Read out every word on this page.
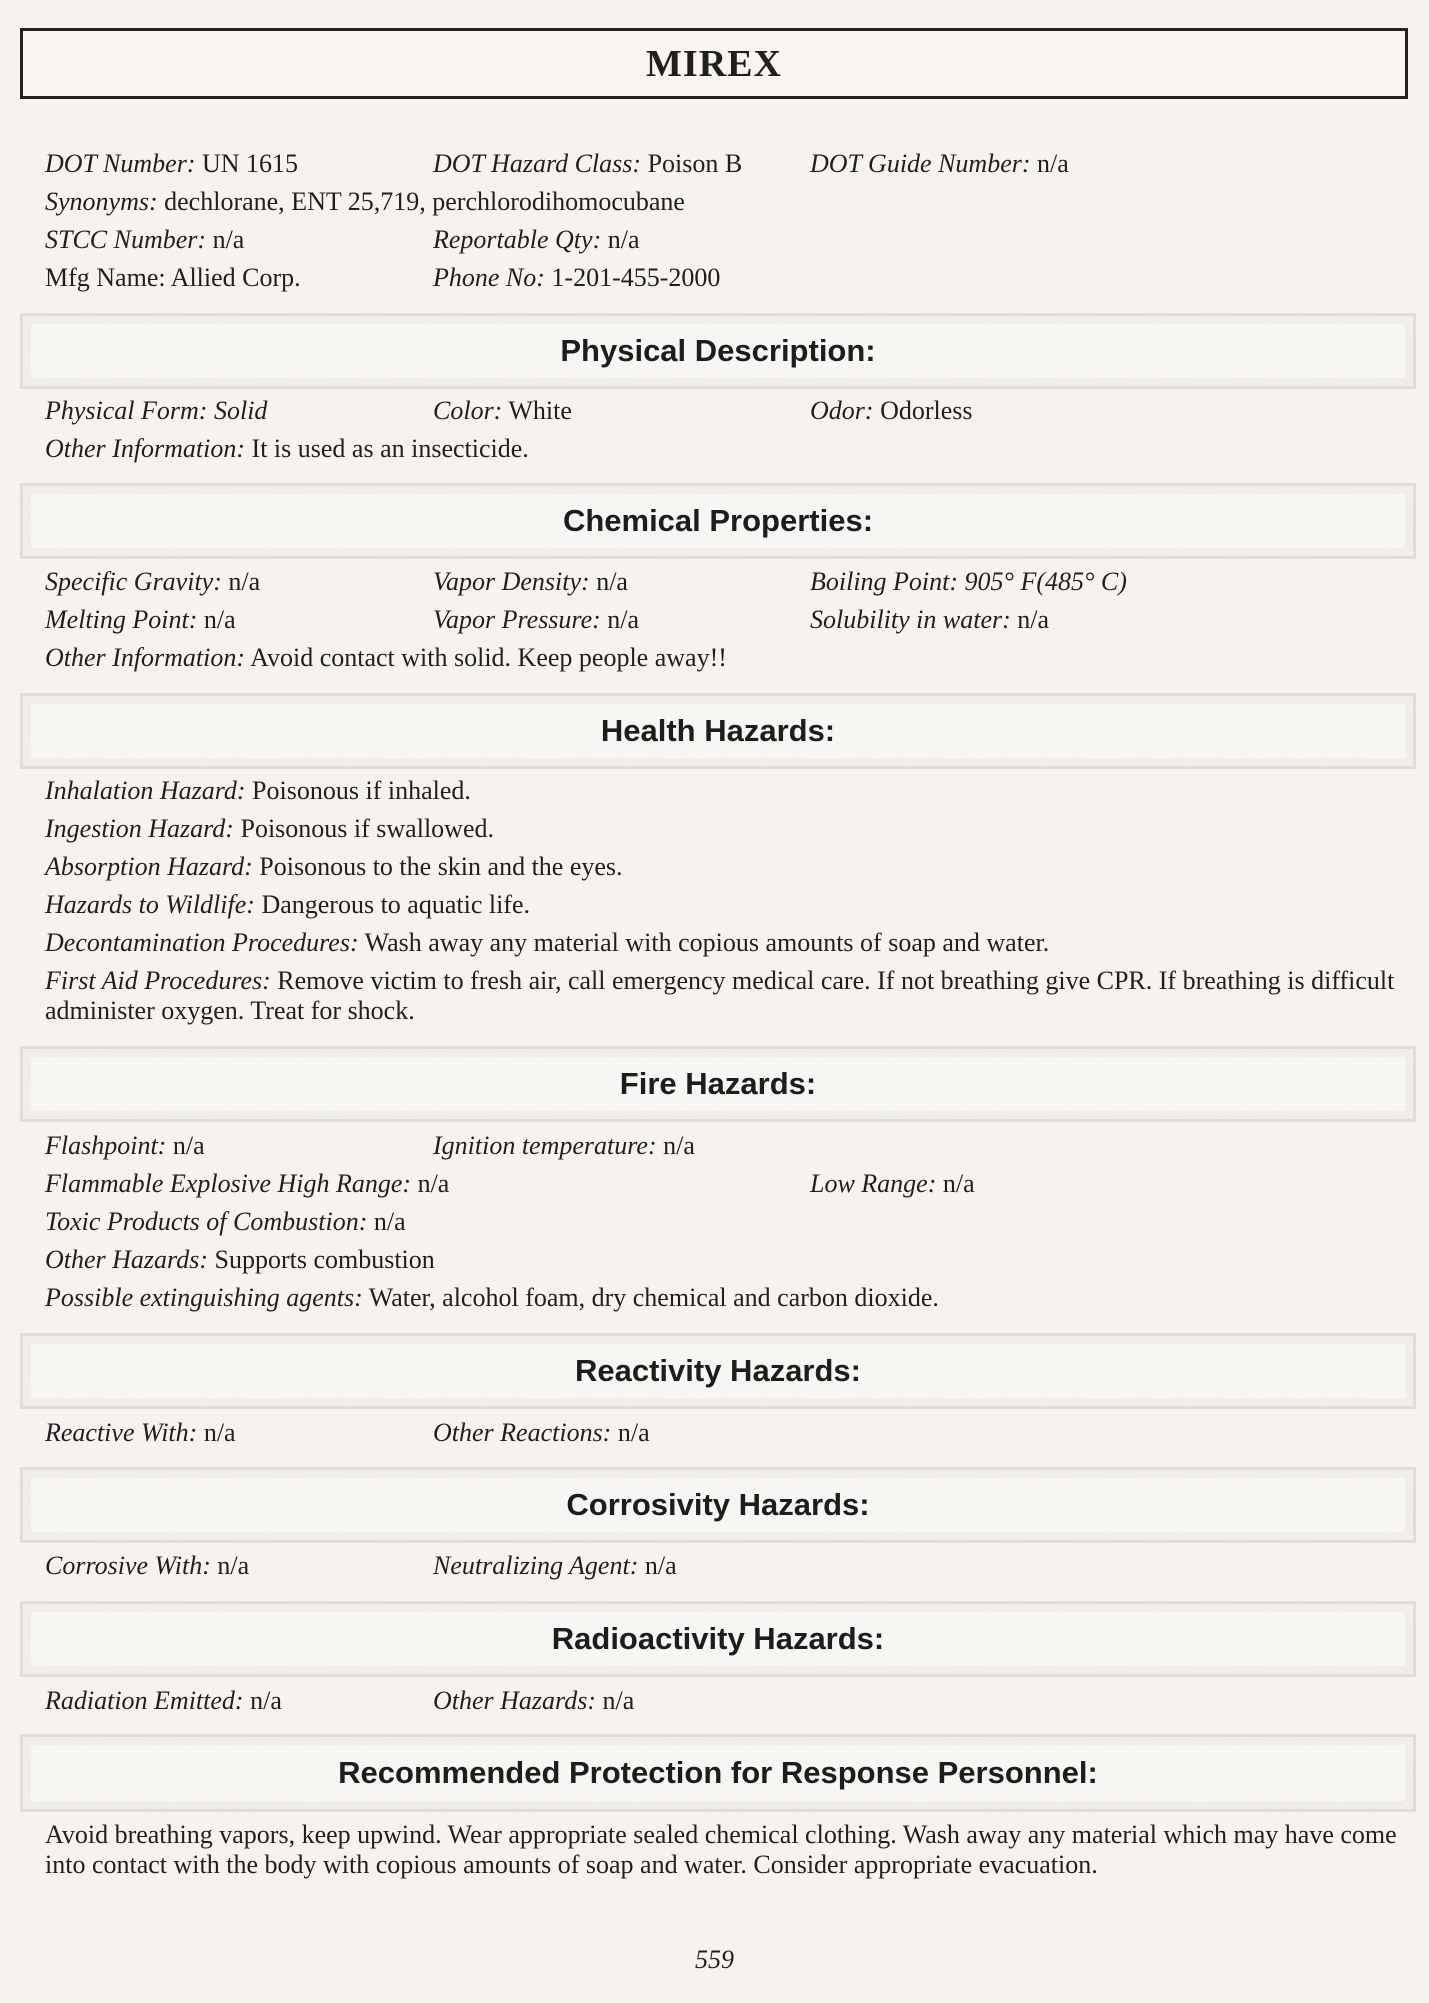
MIREX
DOT Number: UN 1615	DOT Hazard Class: Poison B	DOT Guide Number: n/a
Synonyms: dechlorane, ENT 25,719, perchlorodihomocubane
STCC Number: n/a	Reportable Qty: n/a
Mfg Name: Allied Corp.	Phone No: 1-201-455-2000
Physical Description:
Physical Form: Solid	Color: White	Odor: Odorless
Other Information: It is used as an insecticide.
Chemical Properties:
Specific Gravity: n/a	Vapor Density: n/a	Boiling Point: 905° F(485° C)
Melting Point: n/a	Vapor Pressure: n/a	Solubility in water: n/a
Other Information: Avoid contact with solid. Keep people away!!
Health Hazards:
Inhalation Hazard: Poisonous if inhaled.
Ingestion Hazard: Poisonous if swallowed.
Absorption Hazard: Poisonous to the skin and the eyes.
Hazards to Wildlife: Dangerous to aquatic life.
Decontamination Procedures: Wash away any material with copious amounts of soap and water.
First Aid Procedures: Remove victim to fresh air, call emergency medical care. If not breathing give CPR. If breathing is difficult administer oxygen. Treat for shock.
Fire Hazards:
Flashpoint: n/a	Ignition temperature: n/a
Flammable Explosive High Range: n/a	Low Range: n/a
Toxic Products of Combustion: n/a
Other Hazards: Supports combustion
Possible extinguishing agents: Water, alcohol foam, dry chemical and carbon dioxide.
Reactivity Hazards:
Reactive With: n/a	Other Reactions: n/a
Corrosivity Hazards:
Corrosive With: n/a	Neutralizing Agent: n/a
Radioactivity Hazards:
Radiation Emitted: n/a	Other Hazards: n/a
Recommended Protection for Response Personnel:
Avoid breathing vapors, keep upwind. Wear appropriate sealed chemical clothing. Wash away any material which may have come into contact with the body with copious amounts of soap and water. Consider appropriate evacuation.
559
